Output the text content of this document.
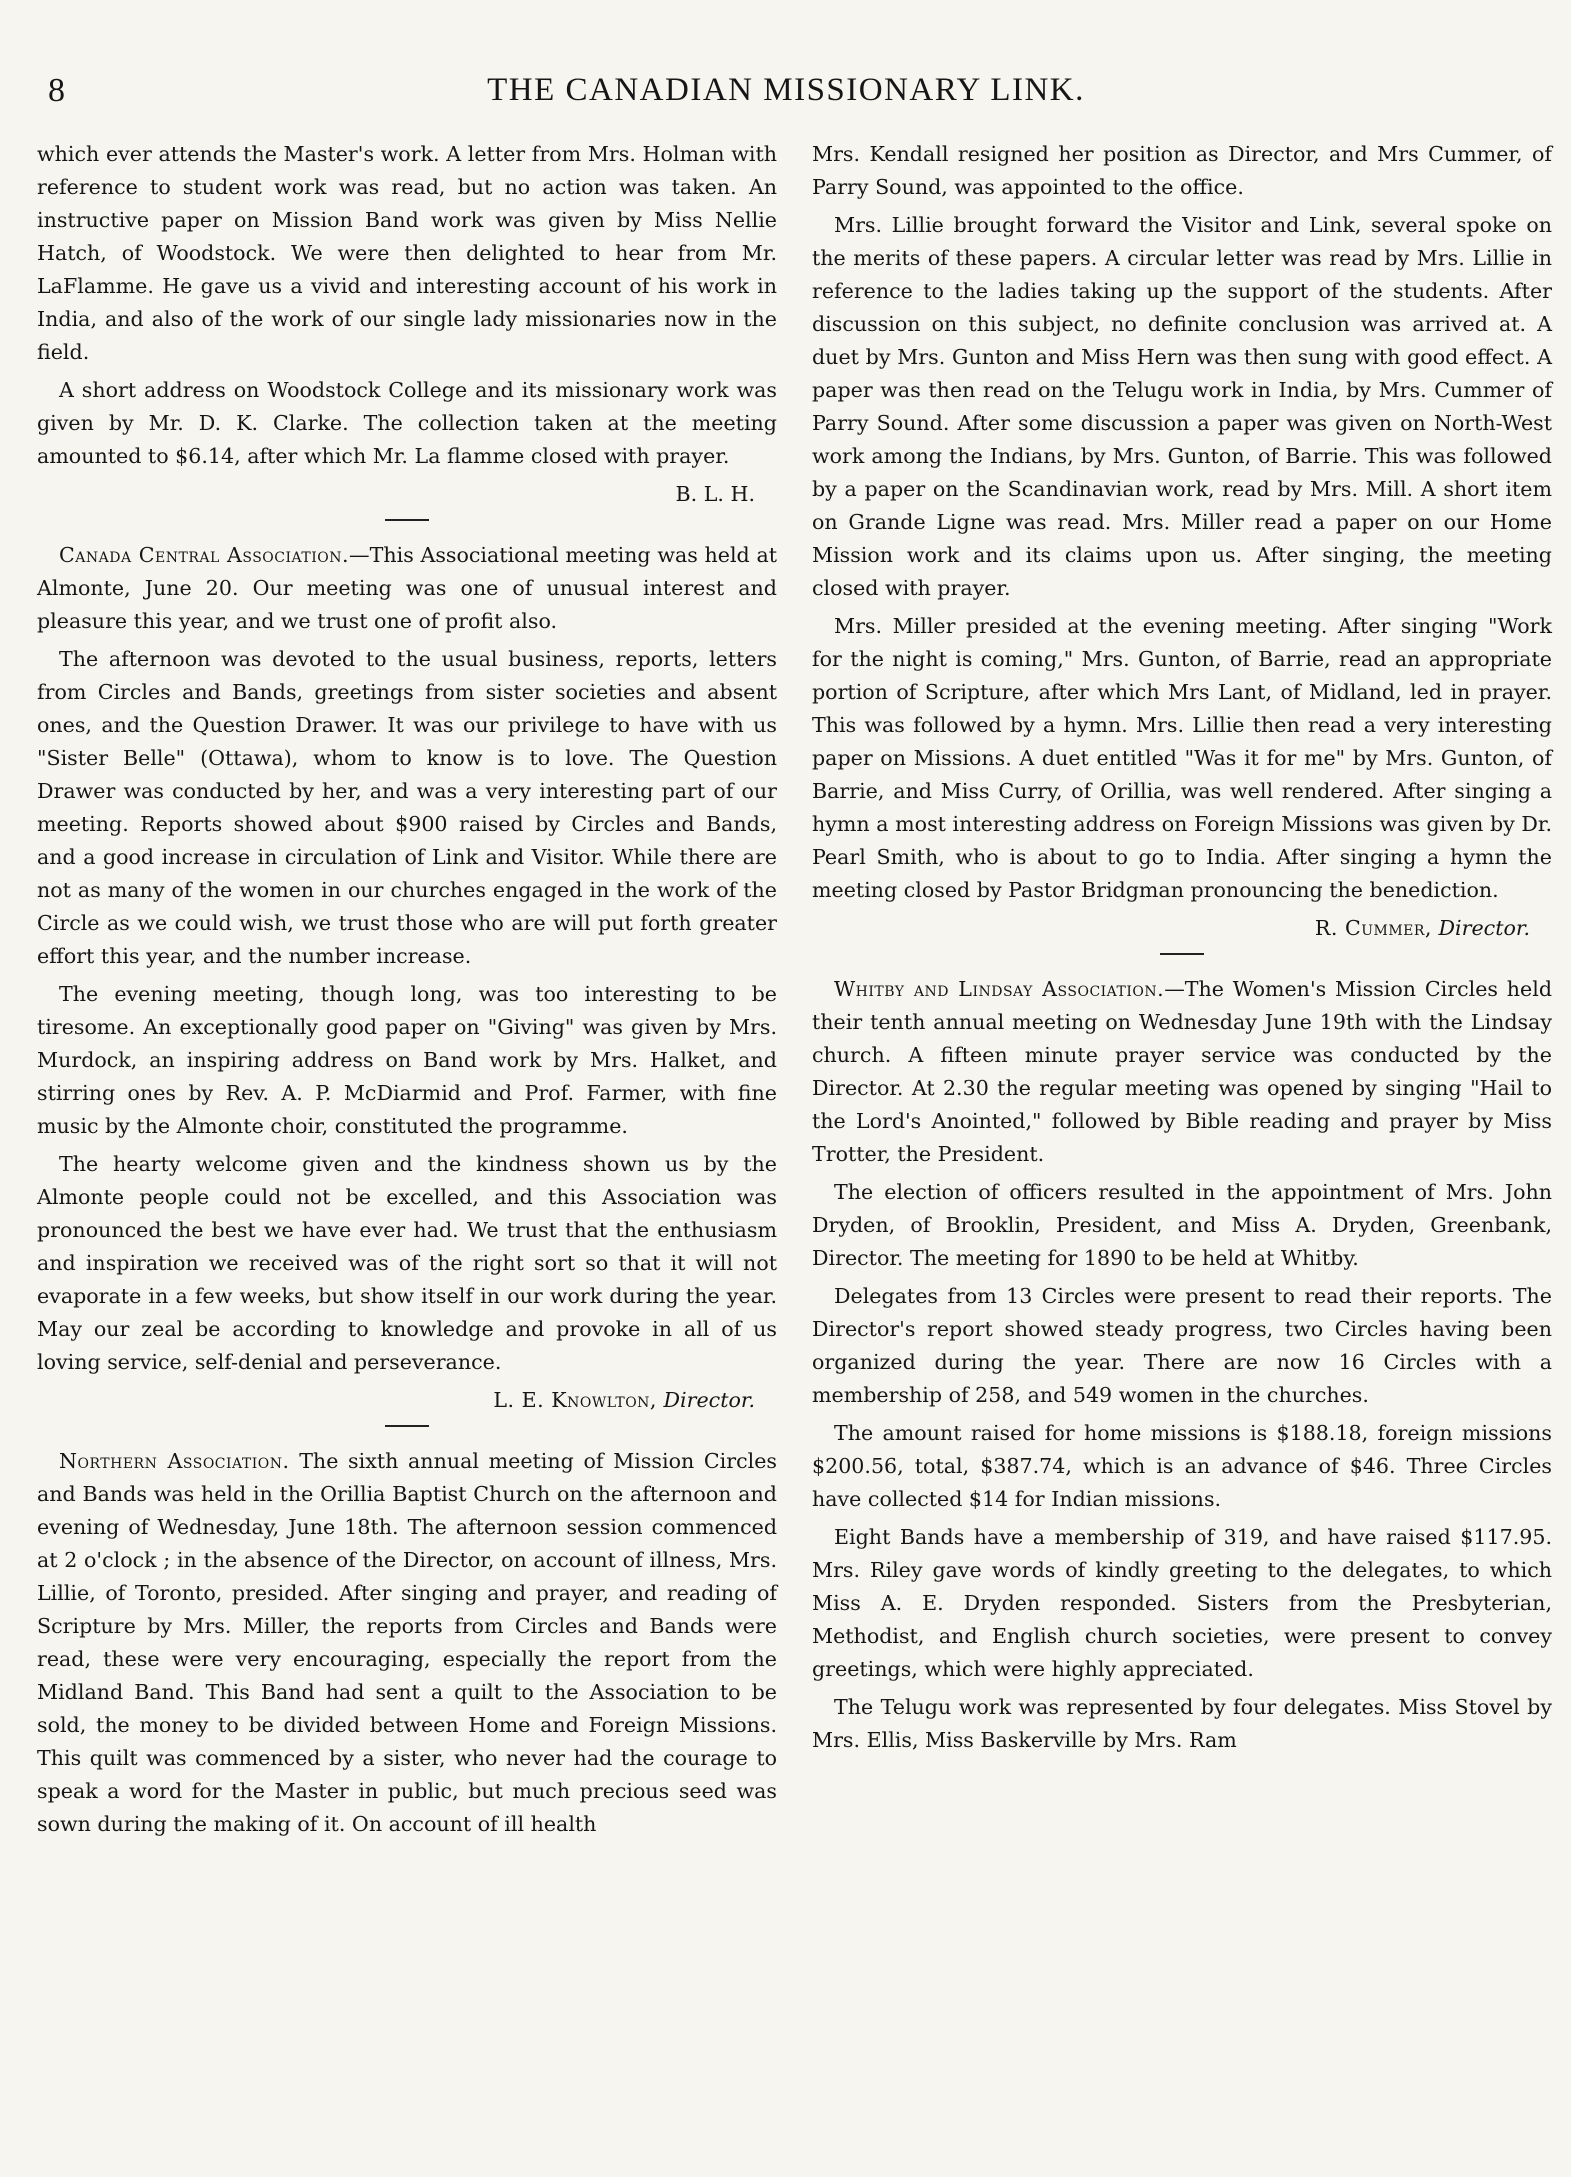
8	THE CANADIAN MISSIONARY LINK.

which ever attends the Master's work. A letter from Mrs. Holman with reference to student work was read, but no action was taken. An instructive paper on Mission Band work was given by Miss Nellie Hatch, of Woodstock. We were then delighted to hear from Mr. LaFlamme. He gave us a vivid and interesting account of his work in India, and also of the work of our single lady missionaries now in the field.

A short address on Woodstock College and its missionary work was given by Mr. D. K. Clarke. The collection taken at the meeting amounted to $6.14, after which Mr. La flamme closed with prayer.

B. L. H.

Canada Central Association.—This Associational meeting was held at Almonte, June 20. Our meeting was one of unusual interest and pleasure this year, and we trust one of profit also.

The afternoon was devoted to the usual business, reports, letters from Circles and Bands, greetings from sister societies and absent ones, and the Question Drawer. It was our privilege to have with us "Sister Belle" (Ottawa), whom to know is to love. The Question Drawer was conducted by her, and was a very interesting part of our meeting. Reports showed about $900 raised by Circles and Bands, and a good increase in circulation of Link and Visitor. While there are not as many of the women in our churches engaged in the work of the Circle as we could wish, we trust those who are will put forth greater effort this year, and the number increase.

The evening meeting, though long, was too interesting to be tiresome. An exceptionally good paper on "Giving" was given by Mrs. Murdock, an inspiring address on Band work by Mrs. Halket, and stirring ones by Rev. A. P. McDiarmid and Prof. Farmer, with fine music by the Almonte choir, constituted the programme.

The hearty welcome given and the kindness shown us by the Almonte people could not be excelled, and this Association was pronounced the best we have ever had. We trust that the enthusiasm and inspiration we received was of the right sort so that it will not evaporate in a few weeks, but show itself in our work during the year. May our zeal be according to knowledge and provoke in all of us loving service, self-denial and perseverance.

L. E. Knowlton, Director.

Northern Association. The sixth annual meeting of Mission Circles and Bands was held in the Orillia Baptist Church on the afternoon and evening of Wednesday, June 18th. The afternoon session commenced at 2 o'clock ; in the absence of the Director, on account of illness, Mrs. Lillie, of Toronto, presided. After singing and prayer, and reading of Scripture by Mrs. Miller, the reports from Circles and Bands were read, these were very encouraging, especially the report from the Midland Band. This Band had sent a quilt to the Association to be sold, the money to be divided between Home and Foreign Missions. This quilt was commenced by a sister, who never had the courage to speak a word for the Master in public, but much precious seed was sown during the making of it. On account of ill health

Mrs. Kendall resigned her position as Director, and Mrs Cummer, of Parry Sound, was appointed to the office.

Mrs. Lillie brought forward the Visitor and Link, several spoke on the merits of these papers. A circular letter was read by Mrs. Lillie in reference to the ladies taking up the support of the students. After discussion on this subject, no definite conclusion was arrived at. A duet by Mrs. Gunton and Miss Hern was then sung with good effect. A paper was then read on the Telugu work in India, by Mrs. Cummer of Parry Sound. After some discussion a paper was given on North-West work among the Indians, by Mrs. Gunton, of Barrie. This was followed by a paper on the Scandinavian work, read by Mrs. Mill. A short item on Grande Ligne was read. Mrs. Miller read a paper on our Home Mission work and its claims upon us. After singing, the meeting closed with prayer.

Mrs. Miller presided at the evening meeting. After singing "Work for the night is coming," Mrs. Gunton, of Barrie, read an appropriate portion of Scripture, after which Mrs Lant, of Midland, led in prayer. This was followed by a hymn. Mrs. Lillie then read a very interesting paper on Missions. A duet entitled "Was it for me" by Mrs. Gunton, of Barrie, and Miss Curry, of Orillia, was well rendered. After singing a hymn a most interesting address on Foreign Missions was given by Dr. Pearl Smith, who is about to go to India. After singing a hymn the meeting closed by Pastor Bridgman pronouncing the benediction.

R. Cummer, Director.

Whitby and Lindsay Association.—The Women's Mission Circles held their tenth annual meeting on Wednesday June 19th with the Lindsay church. A fifteen minute prayer service was conducted by the Director. At 2.30 the regular meeting was opened by singing "Hail to the Lord's Anointed," followed by Bible reading and prayer by Miss Trotter, the President.

The election of officers resulted in the appointment of Mrs. John Dryden, of Brooklin, President, and Miss A. Dryden, Greenbank, Director. The meeting for 1890 to be held at Whitby.

Delegates from 13 Circles were present to read their reports. The Director's report showed steady progress, two Circles having been organized during the year. There are now 16 Circles with a membership of 258, and 549 women in the churches.

The amount raised for home missions is $188.18, foreign missions $200.56, total, $387.74, which is an advance of $46. Three Circles have collected $14 for Indian missions.

Eight Bands have a membership of 319, and have raised $117.95. Mrs. Riley gave words of kindly greeting to the delegates, to which Miss A. E. Dryden responded. Sisters from the Presbyterian, Methodist, and English church societies, were present to convey greetings, which were highly appreciated.

The Telugu work was represented by four delegates. Miss Stovel by Mrs. Ellis, Miss Baskerville by Mrs. Ram
